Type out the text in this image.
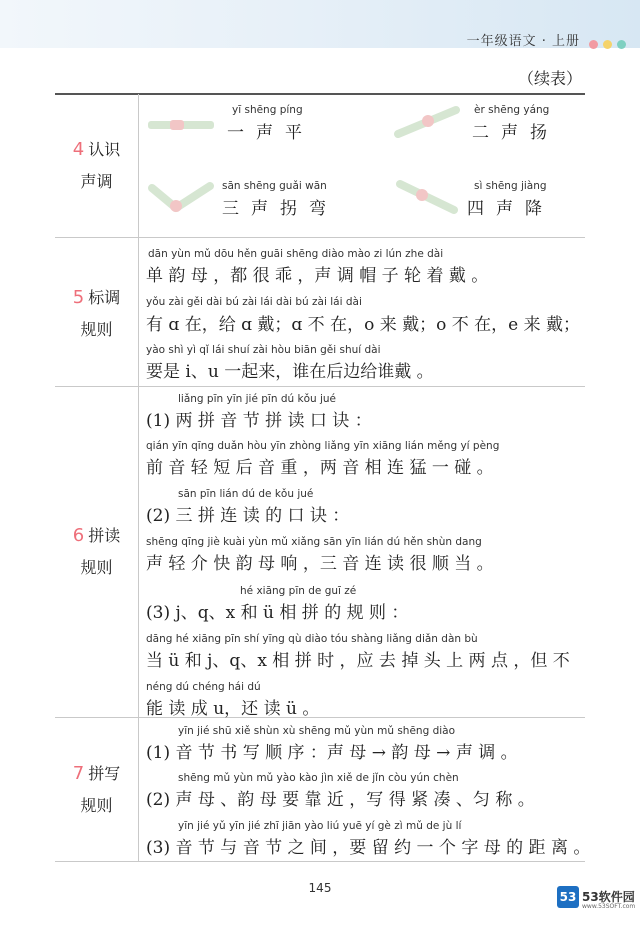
一年级语文 · 上册
（续表）
4 认识
声调
yī shēng píng
一声平
èr shēng yáng
二声扬
sān shēng guǎi wān
三声拐弯
sì shēng jiàng
四声降
5 标调
规则
dān yùn mǔ dōu hěn guāi shēng diào mào zi lún zhe dài
单 韵 母 ，都 很 乖 ，声 调 帽 子 轮 着 戴 。
yǒu zài gěi dài bú zài lái dài bú zài lái dài
有 ɑ 在，给 ɑ 戴；ɑ 不 在，o 来 戴；o 不 在，e 来 戴；
yào shì yì qǐ lái shuí zài hòu biān gěi shuí dài
要是 i、u 一起来，谁在后边给谁戴 。
6 拼读
规则
liǎng pīn yīn jié pīn dú kǒu jué
(1) 两 拼 音 节 拼 读 口 诀 ：
qián yīn qīng duǎn hòu yīn zhòng liǎng yīn xiāng lián měng yí pèng
前 音 轻 短 后 音 重 ，两 音 相 连 猛 一 碰 。
sān pīn lián dú de kǒu jué
(2) 三 拼 连 读 的 口 诀 ：
shēng qīng jiè kuài yùn mǔ xiǎng sān yīn lián dú hěn shùn dang
声 轻 介 快 韵 母 响 ，三 音 连 读 很 顺 当 。
hé xiāng pīn de guī zé
(3) j、q、x 和 ü 相 拼 的 规 则 ：
dāng hé xiāng pīn shí yīng qù diào tóu shàng liǎng diǎn dàn bù
当 ü 和 j、q、x 相 拼 时 ，应 去 掉 头 上 两 点 ，但 不
néng dú chéng hái dú
能 读 成 u，还 读 ü 。
7 拼写
规则
yīn jié shū xiě shùn xù shēng mǔ yùn mǔ shēng diào
(1) 音 节 书 写 顺 序 ：声 母 → 韵 母 → 声 调 。
shēng mǔ yùn mǔ yào kào jìn xiě de jǐn còu yún chèn
(2) 声 母 、韵 母 要 靠 近 ，写 得 紧 凑 、匀 称 。
yīn jié yǔ yīn jié zhī jiān yào liú yuē yí gè zì mǔ de jù lí
(3) 音 节 与 音 节 之 间 ，要 留 约 一 个 字 母 的 距 离 。
145
53 53软件园
www.53SOFT.com
